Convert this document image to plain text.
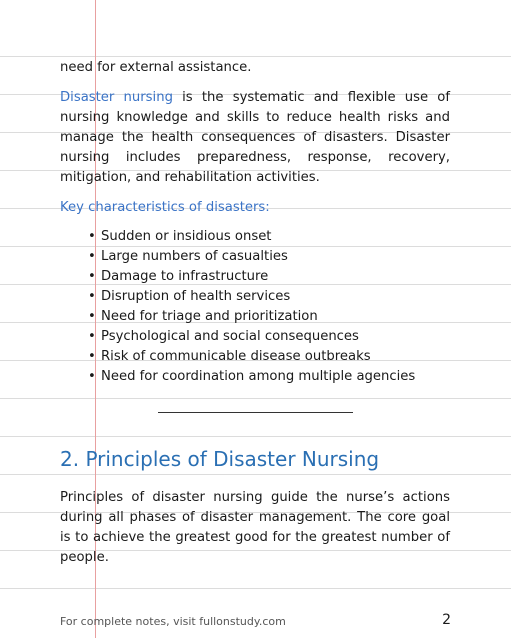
need for external assistance.

Disaster nursing is the systematic and flexible use of nursing knowledge and skills to reduce health risks and manage the health consequences of disasters. Disaster nursing includes preparedness, response, recovery, mitigation, and rehabilitation activities.

Key characteristics of disasters:

• Sudden or insidious onset
• Large numbers of casualties
• Damage to infrastructure
• Disruption of health services
• Need for triage and prioritization
• Psychological and social consequences
• Risk of communicable disease outbreaks
• Need for coordination among multiple agencies
2. Principles of Disaster Nursing

Principles of disaster nursing guide the nurse’s actions during all phases of disaster management. The core goal is to achieve the greatest good for the greatest number of people.

For complete notes, visit fullonstudy.com	2
